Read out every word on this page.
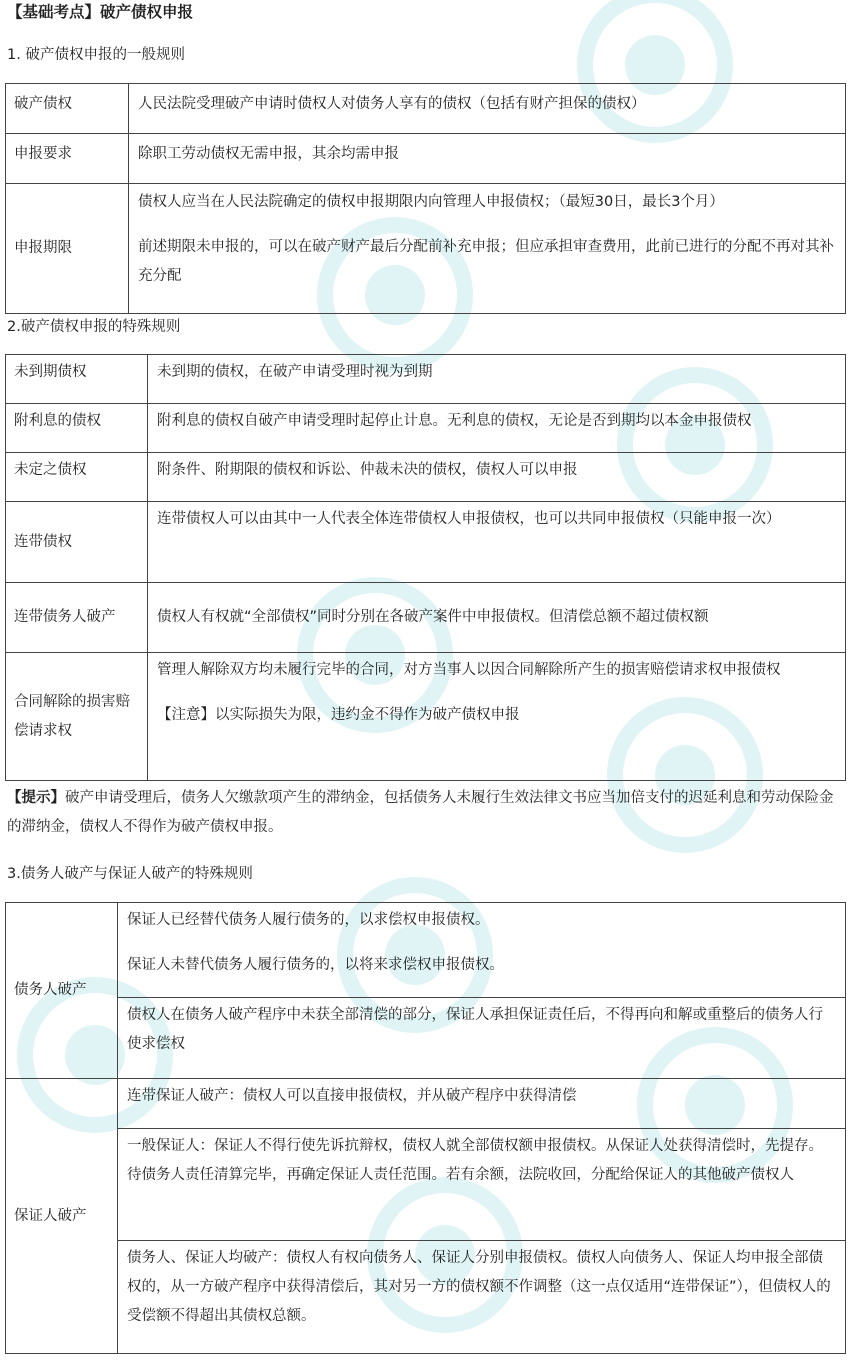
【基础考点】破产债权申报
1. 破产债权申报的一般规则
破产债权	人民法院受理破产申请时债权人对债务人享有的债权（包括有财产担保的债权）
申报要求	除职工劳动债权无需申报，其余均需申报
申报期限	债权人应当在人民法院确定的债权申报期限内向管理人申报债权；（最短30日，最长3个月）

前述期限未申报的，可以在破产财产最后分配前补充申报；但应承担审查费用，此前已进行的分配不再对其补充分配

2.破产债权申报的特殊规则
未到期债权	未到期的债权，在破产申请受理时视为到期
附利息的债权	附利息的债权自破产申请受理时起停止计息。无利息的债权，无论是否到期均以本金申报债权
未定之债权	附条件、附期限的债权和诉讼、仲裁未决的债权，债权人可以申报
连带债权	连带债权人可以由其中一人代表全体连带债权人申报债权，也可以共同申报债权（只能申报一次）
连带债务人破产	债权人有权就“全部债权”同时分别在各破产案件中申报债权。但清偿总额不超过债权额
合同解除的损害赔偿请求权	管理人解除双方均未履行完毕的合同，对方当事人以因合同解除所产生的损害赔偿请求权申报债权

【注意】以实际损失为限，违约金不得作为破产债权申报

【提示】破产申请受理后，债务人欠缴款项产生的滞纳金，包括债务人未履行生效法律文书应当加倍支付的迟延利息和劳动保险金的滞纳金，债权人不得作为破产债权申报。
3.债务人破产与保证人破产的特殊规则
债务人破产	保证人已经替代债务人履行债务的，以求偿权申报债权。

保证人未替代债务人履行债务的，以将来求偿权申报债权。

	债权人在债务人破产程序中未获全部清偿的部分，保证人承担保证责任后，不得再向和解或重整后的债务人行使求偿权
保证人破产	连带保证人破产：债权人可以直接申报债权，并从破产程序中获得清偿
	一般保证人：保证人不得行使先诉抗辩权，债权人就全部债权额申报债权。从保证人处获得清偿时，先提存。待债务人责任清算完毕，再确定保证人责任范围。若有余额，法院收回，分配给保证人的其他破产债权人
	债务人、保证人均破产：债权人有权向债务人、保证人分别申报债权。债权人向债务人、保证人均申报全部债权的，从一方破产程序中获得清偿后，其对另一方的债权额不作调整（这一点仅适用“连带保证”），但债权人的受偿额不得超出其债权总额。
